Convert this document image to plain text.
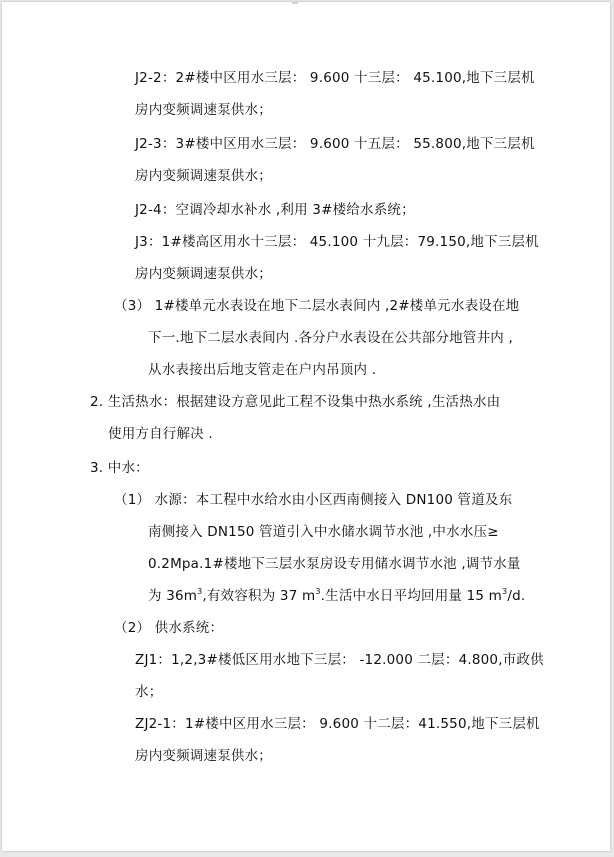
J2-2：2#楼中区用水三层： 9.600 十三层： 45.100,地下三层机
房内变频调速泵供水；
J2-3：3#楼中区用水三层： 9.600 十五层： 55.800,地下三层机
房内变频调速泵供水；
J2-4：空调冷却水补水 ,利用 3#楼给水系统；
J3：1#楼高区用水十三层： 45.100 十九层：79.150,地下三层机
房内变频调速泵供水；
（3） 1#楼单元水表设在地下二层水表间内 ,2#楼单元水表设在地
下一.地下二层水表间内 .各分户水表设在公共部分地管井内 ,
从水表接出后地支管走在户内吊顶内 .
2. 生活热水：根据建设方意见此工程不设集中热水系统 ,生活热水由
使用方自行解决 .
3. 中水：
（1） 水源：本工程中水给水由小区西南侧接入 DN100 管道及东
南侧接入 DN150 管道引入中水储水调节水池 ,中水水压≥
0.2Mpa.1#楼地下三层水泵房设专用储水调节水池 ,调节水量
为 $36m^3$,有效容积为 37 $m^3$.生活中水日平均回用量 15 $m^3/d$.
（2） 供水系统：
ZJ1：1,2,3#楼低区用水地下三层： -12.000 二层：4.800,市政供
水；
ZJ2-1：1#楼中区用水三层： 9.600 十二层：41.550,地下三层机
房内变频调速泵供水；
